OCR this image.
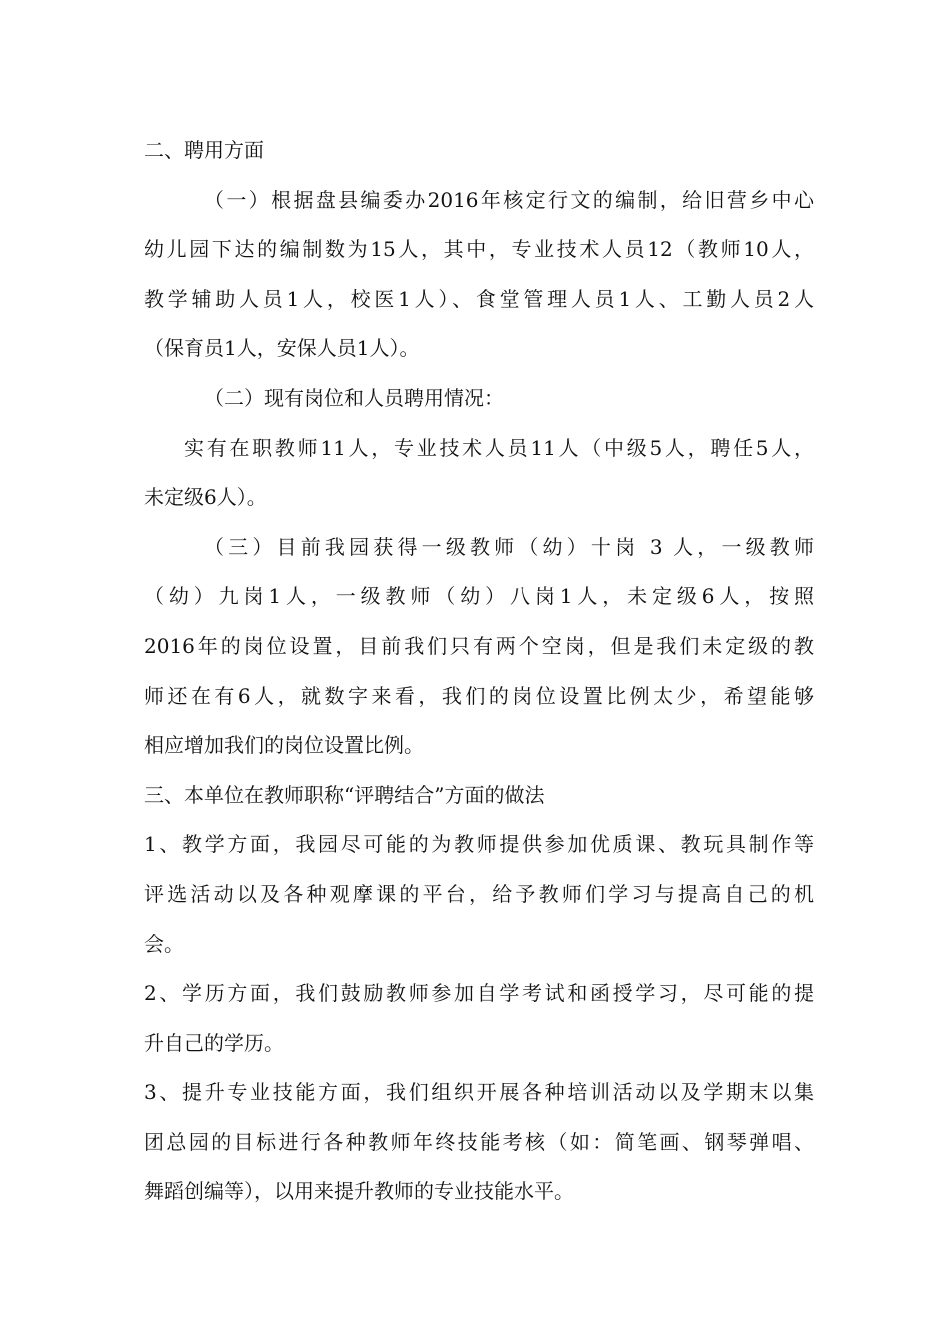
二、聘用方面
（一）根据盘县编委办2016年核定行文的编制，给旧营乡中心
幼儿园下达的编制数为15人，其中，专业技术人员12（教师10人，
教学辅助人员1人，校医1人）、食堂管理人员1人、工勤人员2人
（保育员1人，安保人员1人）。
（二）现有岗位和人员聘用情况：
实有在职教师11人，专业技术人员11人（中级5人，聘任5人，
未定级6人）。
（三）目前我园获得一级教师（幼）十岗 3 人，一级教师
（幼）九岗1人，一级教师（幼）八岗1人，未定级6人，按照
2016年的岗位设置，目前我们只有两个空岗，但是我们未定级的教
师还在有6人，就数字来看，我们的岗位设置比例太少，希望能够
相应增加我们的岗位设置比例。
三、本单位在教师职称“评聘结合”方面的做法
1、教学方面，我园尽可能的为教师提供参加优质课、教玩具制作等
评选活动以及各种观摩课的平台，给予教师们学习与提高自己的机
会。
2、学历方面，我们鼓励教师参加自学考试和函授学习，尽可能的提
升自己的学历。
3、提升专业技能方面，我们组织开展各种培训活动以及学期末以集
团总园的目标进行各种教师年终技能考核（如：简笔画、钢琴弹唱、
舞蹈创编等），以用来提升教师的专业技能水平。
